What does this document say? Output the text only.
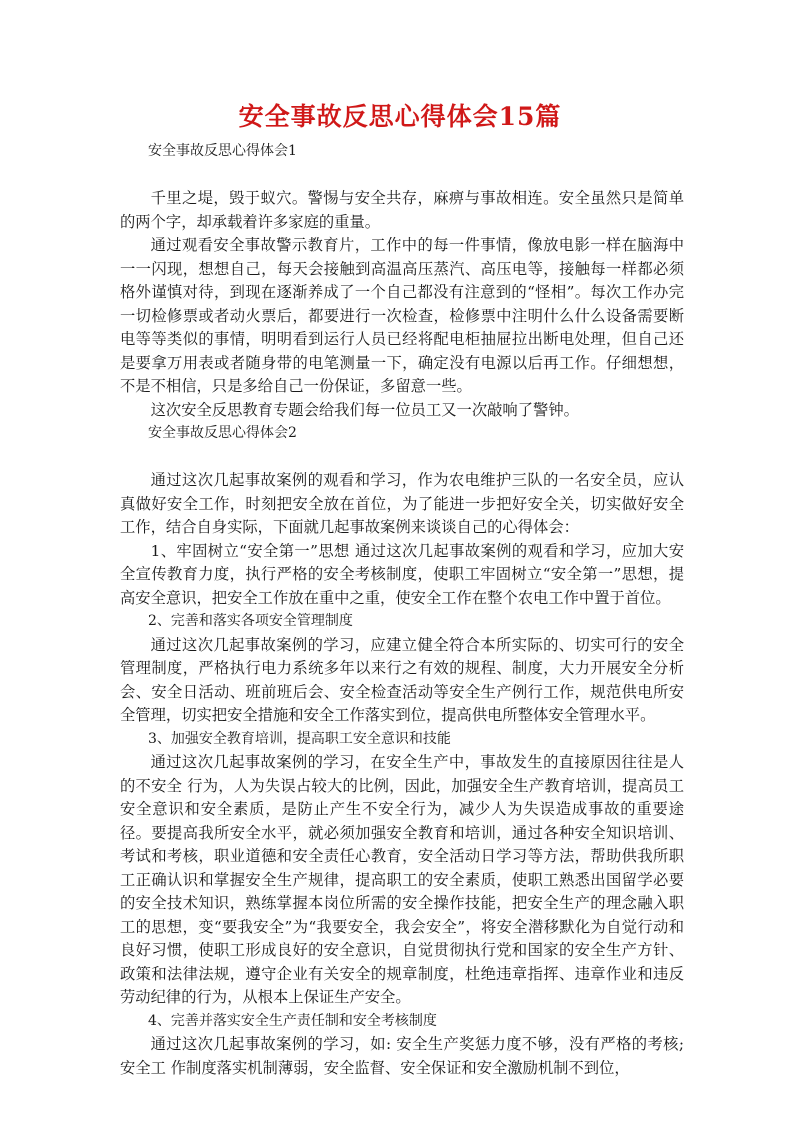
安全事故反思心得体会15篇

安全事故反思心得体会1

千里之堤，毁于蚁穴。警惕与安全共存，麻痹与事故相连。安全虽然只是简单的两个字，却承载着许多家庭的重量。

通过观看安全事故警示教育片，工作中的每一件事情，像放电影一样在脑海中一一闪现，想想自己，每天会接触到高温高压蒸汽、高压电等，接触每一样都必须格外谨慎对待，到现在逐渐养成了一个自己都没有注意到的“怪相”。每次工作办完一切检修票或者动火票后，都要进行一次检查，检修票中注明什么什么设备需要断电等等类似的事情，明明看到运行人员已经将配电柜抽屉拉出断电处理，但自己还是要拿万用表或者随身带的电笔测量一下，确定没有电源以后再工作。仔细想想，不是不相信，只是多给自己一份保证，多留意一些。

这次安全反思教育专题会给我们每一位员工又一次敲响了警钟。

安全事故反思心得体会2

通过这次几起事故案例的观看和学习，作为农电维护三队的一名安全员，应认真做好安全工作，时刻把安全放在首位，为了能进一步把好安全关，切实做好安全工作，结合自身实际，下面就几起事故案例来谈谈自己的心得体会：

1、牢固树立“安全第一”思想 通过这次几起事故案例的观看和学习，应加大安全宣传教育力度，执行严格的安全考核制度，使职工牢固树立“安全第一”思想，提高安全意识，把安全工作放在重中之重，使安全工作在整个农电工作中置于首位。

2、完善和落实各项安全管理制度

通过这次几起事故案例的学习，应建立健全符合本所实际的、切实可行的安全管理制度，严格执行电力系统多年以来行之有效的规程、制度，大力开展安全分析会、安全日活动、班前班后会、安全检查活动等安全生产例行工作，规范供电所安全管理，切实把安全措施和安全工作落实到位，提高供电所整体安全管理水平。

3、加强安全教育培训，提高职工安全意识和技能

通过这次几起事故案例的学习，在安全生产中，事故发生的直接原因往往是人的不安全 行为，人为失误占较大的比例，因此，加强安全生产教育培训，提高员工安全意识和安全素质，是防止产生不安全行为，减少人为失误造成事故的重要途径。要提高我所安全水平，就必须加强安全教育和培训，通过各种安全知识培训、考试和考核，职业道德和安全责任心教育，安全活动日学习等方法，帮助供我所职工正确认识和掌握安全生产规律，提高职工的安全素质，使职工熟悉出国留学必要的安全技术知识，熟练掌握本岗位所需的安全操作技能，把安全生产的理念融入职工的思想，变“要我安全”为“我要安全，我会安全”，将安全潜移默化为自觉行动和良好习惯，使职工形成良好的安全意识，自觉贯彻执行党和国家的安全生产方针、政策和法律法规，遵守企业有关安全的规章制度，杜绝违章指挥、违章作业和违反劳动纪律的行为，从根本上保证生产安全。

4、完善并落实安全生产责任制和安全考核制度

通过这次几起事故案例的学习，如: 安全生产奖惩力度不够，没有严格的考核;安全工 作制度落实机制薄弱，安全监督、安全保证和安全激励机制不到位，
